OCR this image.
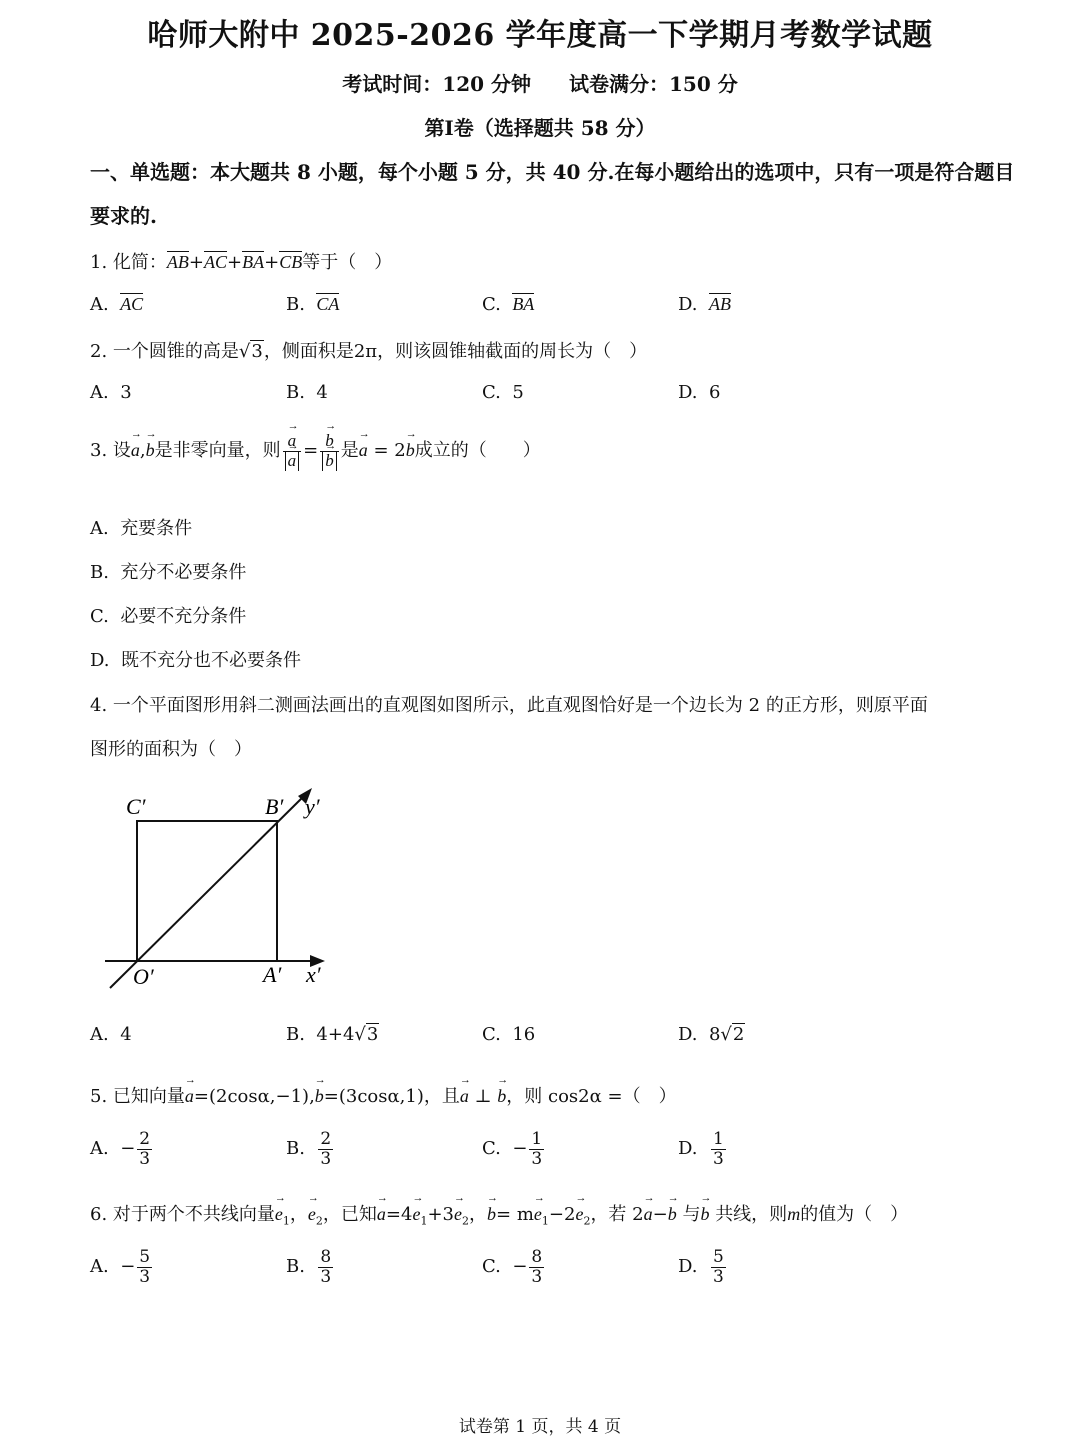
哈师大附中 2025-2026 学年度高一下学期月考数学试题
考试时间：120 分钟 试卷满分：150 分
第Ⅰ卷（选择题共 58 分）
一、单选题：本大题共 8 小题，每个小题 5 分，共 40 分.在每小题给出的选项中，只有一项是符合题目要求的.
1. 化简：AB+AC+BA+CB等于（　）
A. AC	B. CA	C. BA	D. AB
2. 一个圆锥的高是√3，侧面积是2π，则该圆锥轴截面的周长为（　）
A. 3	B. 4	C. 5	D. 6
3. 设a →,b →是非零向量，则 $\frac{a \to}{a}$ → = $\frac{b \to}{b}$ → 是a → = 2b →成立的（　　）
A. 充要条件
B. 充分不必要条件
C. 必要不充分条件
D. 既不充分也不必要条件
4. 一个平面图形用斜二测画法画出的直观图如图所示，此直观图恰好是一个边长为 2 的正方形，则原平面
图形的面积为（　）
C′	B′ y′
O′	A′ x′
A. 4	B. 4+4√3	C. 16	D. 8√2
5. 已知向量a →=(2cosα,−1),b →=(3cosα,1)，且a → ⊥ b →，则 cos2α =（　）
A. − $\frac{2}{3}$	B. $\frac{2}{3}$	C. − $\frac{1}{3}$	D. $\frac{1}{3}$
6. 对于两个不共线向量$e \to_1$，$e \to_2$，已知$a \to=4e \to_1+3e \to_2$，b →= me $\to_1-2e \to_2$，若 2a →−b → 与b → 共线，则m的值为（　）
A. − $\frac{5}{3}$	B. $\frac{8}{3}$	C. − $\frac{8}{3}$	D. $\frac{5}{3}$
试卷第 1 页，共 4 页
